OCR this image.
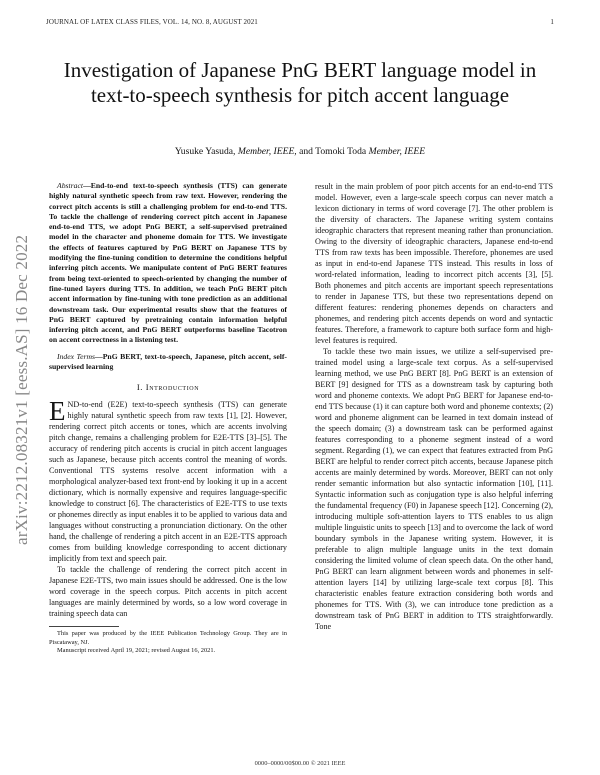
JOURNAL OF LATEX CLASS FILES, VOL. 14, NO. 8, AUGUST 2021	1
arXiv:2212.08321v1 [eess.AS] 16 Dec 2022
Investigation of Japanese PnG BERT language model in text-to-speech synthesis for pitch accent language
Yusuke Yasuda, Member, IEEE, and Tomoki Toda Member, IEEE

Abstract—End-to-end text-to-speech synthesis (TTS) can generate highly natural synthetic speech from raw text. However, rendering the correct pitch accents is still a challenging problem for end-to-end TTS. To tackle the challenge of rendering correct pitch accent in Japanese end-to-end TTS, we adopt PnG BERT, a self-supervised pretrained model in the character and phoneme domain for TTS. We investigate the effects of features captured by PnG BERT on Japanese TTS by modifying the fine-tuning condition to determine the conditions helpful inferring pitch accents. We manipulate content of PnG BERT features from being text-oriented to speech-oriented by changing the number of fine-tuned layers during TTS. In addition, we teach PnG BERT pitch accent information by fine-tuning with tone prediction as an additional downstream task. Our experimental results show that the features of PnG BERT captured by pretraining contain information helpful inferring pitch accent, and PnG BERT outperforms baseline Tacotron on accent correctness in a listening test.

Index Terms—PnG BERT, text-to-speech, Japanese, pitch accent, self-supervised learning

I. Introduction

END-to-end (E2E) text-to-speech synthesis (TTS) can generate highly natural synthetic speech from raw texts [1], [2]. However, rendering correct pitch accents or tones, which are accents involving pitch change, remains a challenging problem for E2E-TTS [3]–[5]. The accuracy of rendering pitch accents is crucial in pitch accent languages such as Japanese, because pitch accents control the meaning of words. Conventional TTS systems resolve accent information with a morphological analyzer-based text front-end by looking it up in a accent dictionary, which is normally expensive and requires language-specific knowledge to construct [6]. The characteristics of E2E-TTS to use texts or phonemes directly as input enables it to be applied to various data and languages without constructing a pronunciation dictionary. On the other hand, the challenge of rendering a pitch accent in an E2E-TTS approach comes from building knowledge corresponding to accent dictionary implicitly from text and speech pair.

To tackle the challenge of rendering the correct pitch accent in Japanese E2E-TTS, two main issues should be addressed. One is the low word coverage in the speech corpus. Pitch accents in pitch accent languages are mainly determined by words, so a low word coverage in training speech data can

This paper was produced by the IEEE Publication Technology Group. They are in Piscataway, NJ.

Manuscript received April 19, 2021; revised August 16, 2021.

result in the main problem of poor pitch accents for an end-to-end TTS model. However, even a large-scale speech corpus can never match a lexicon dictionary in terms of word coverage [7]. The other problem is the diversity of characters. The Japanese writing system contains ideographic characters that represent meaning rather than pronunciation. Owing to the diversity of ideographic characters, Japanese end-to-end TTS from raw texts has been impossible. Therefore, phonemes are used as input in end-to-end Japanese TTS instead. This results in loss of word-related information, leading to incorrect pitch accents [3], [5]. Both phonemes and pitch accents are important speech representations to render in Japanese TTS, but these two representations depend on different features: rendering phonemes depends on characters and phonemes, and rendering pitch accents depends on word and syntactic features. Therefore, a framework to capture both surface form and high-level features is required.

To tackle these two main issues, we utilize a self-supervised pre-trained model using a large-scale text corpus. As a self-supervised learning method, we use PnG BERT [8]. PnG BERT is an extension of BERT [9] designed for TTS as a downstream task by capturing both word and phoneme contexts. We adopt PnG BERT for Japanese end-to-end TTS because (1) it can capture both word and phoneme contexts; (2) word and phoneme alignment can be learned in text domain instead of the speech domain; (3) a downstream task can be performed against features corresponding to a phoneme segment instead of a word segment. Regarding (1), we can expect that features extracted from PnG BERT are helpful to render correct pitch accents, because Japanese pitch accents are mainly determined by words. Moreover, BERT can not only render semantic information but also syntactic information [10], [11]. Syntactic information such as conjugation type is also helpful inferring the fundamental frequency (F0) in Japanese speech [12]. Concerning (2), introducing multiple soft-attention layers to TTS enables to us align multiple linguistic units to speech [13] and to overcome the lack of word boundary symbols in the Japanese writing system. However, it is preferable to align multiple language units in the text domain considering the limited volume of clean speech data. On the other hand, PnG BERT can learn alignment between words and phonemes in self-attention layers [14] by utilizing large-scale text corpus [8]. This characteristic enables feature extraction considering both words and phonemes for TTS. With (3), we can introduce tone prediction as a downstream task of PnG BERT in addition to TTS straightforwardly. Tone

0000–0000/00$00.00 © 2021 IEEE
